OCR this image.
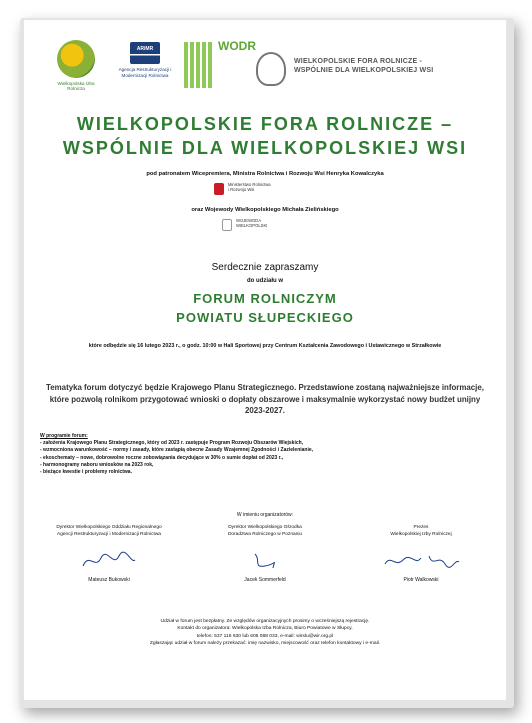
Wielkopolska Izba Rolnicza
ARiMR
Agencja Restrukturyzacji i Modernizacji Rolnictwa
WODR
WIELKOPOLSKIE FORA ROLNICZE -
WSPÓLNIE DLA WIELKOPOLSKIEJ WSI
WIELKOPOLSKIE FORA ROLNICZE –
WSPÓLNIE DLA WIELKOPOLSKIEJ WSI
pod patronatem Wicepremiera, Ministra Rolnictwa i Rozwoju Wsi Henryka Kowalczyka
Ministerstwo Rolnictwa
i Rozwoju Wsi
oraz Wojewody Wielkopolskiego Michała Zielińskiego
WOJEWODA
WIELKOPOLSKI
Serdecznie zapraszamy
do udziału w
FORUM ROLNICZYM
POWIATU SŁUPECKIEGO
które odbędzie się 16 lutego 2023 r., o godz. 10:00 w Hali Sportowej przy Centrum Kształcenia Zawodowego i Ustawicznego w Strzałkowie
Tematyka forum dotyczyć będzie Krajowego Planu Strategicznego. Przedstawione zostaną najważniejsze informacje, które pozwolą rolnikom przygotować wnioski o dopłaty obszarowe i maksymalnie wykorzystać nowy budżet unijny 2023-2027.
W programie forum:
- założenia Krajowego Planu Strategicznego, który od 2023 r. zastępuje Program Rozwoju Obszarów Wiejskich,
- wzmocniona warunkowość – normy i zasady, które zastąpią obecne Zasady Wzajemnej Zgodności i Zazielenianie,
- ekoschematy – nowe, dobrowolne roczne zobowiązania decydujące w 30% o sumie dopłat od 2023 r.,
- harmonogramy naboru wniosków na 2023 rok,
- bieżące kwestie i problemy rolnictwa.
W imieniu organizatorów:
Dyrektor Wielkopolskiego Oddziału Regionalnego
Agencji Restrukturyzacji i Modernizacji Rolnictwa
Dyrektor Wielkopolskiego Ośrodka
Doradztwa Rolniczego w Poznaniu
Prezes
Wielkopolskiej Izby Rolniczej
Mateusz Bukowski	Jacek Sommerfeld	Piotr Walkowski
Udział w forum jest bezpłatny. Ze względów organizacyjnych prosimy o wcześniejszą rejestrację.
Kontakt do organizatora: Wielkopolska Izba Rolnicza, Biuro Powiatowe w Słupcy,
telefon: 537 116 630 lub 605 088 033, e-mail: wirslu@wir.org.pl
Zgłaszając udział w forum należy przekazać: imię nazwisko, miejscowość oraz telefon kontaktowy i e-mail.
